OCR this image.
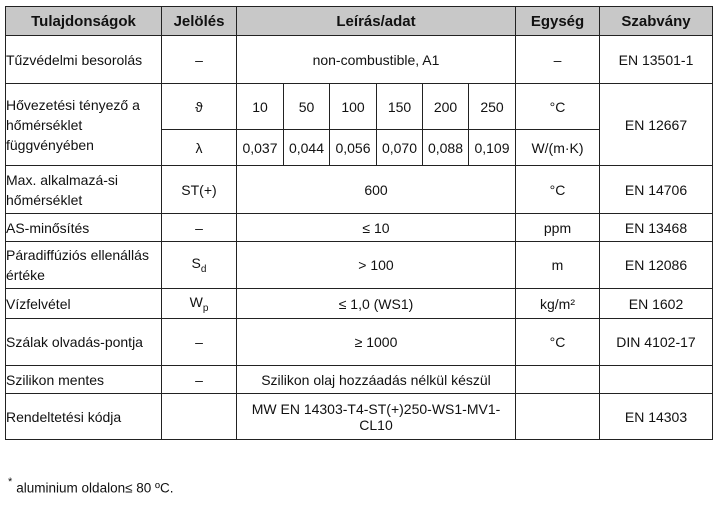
Tulajdonságok	Jelölés	Leírás/adat						Egység	Szabvány
Tűzvédelmi besorolás	–	non-combustible, A1						–	EN 13501-1
Hővezetési tényező a hőmérséklet függvényében	ϑ	10	50	100	150	200	250	°C	EN 12667
	λ	0,037	0,044	0,056	0,070	0,088	0,109	W/(m·K)	
Max. alkalmazá-si hőmérséklet	ST(+)	600						°C	EN 14706
AS-minősítés	–	≤ 10						ppm	EN 13468
Páradiffúziós ellenállás értéke	$S_d$	> 100						m	EN 12086
Vízfelvétel	$W_p$	≤ 1,0 (WS1)						kg/m²	EN 1602
Szálak olvadás-pontja	–	≥ 1000						°C	DIN 4102-17
Szilikon mentes	–	Szilikon olaj hozzáadás nélkül készül							
Rendeltetési kódja		MW EN 14303-T4-ST(+)250-WS1-MV1-CL10							EN 14303
* aluminium oldalon≤ 80 ºC.
